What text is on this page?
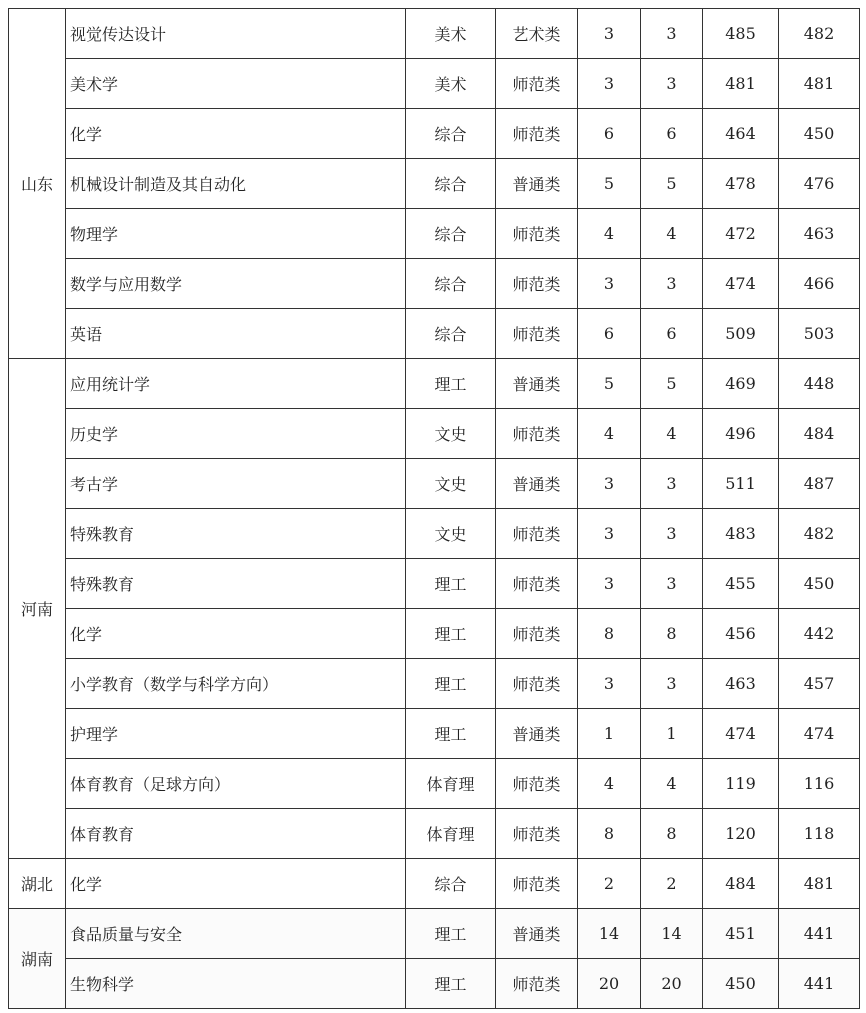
山东	视觉传达设计	美术	艺术类	3	3	485	482
	美术学	美术	师范类	3	3	481	481
	化学	综合	师范类	6	6	464	450
	机械设计制造及其自动化	综合	普通类	5	5	478	476
	物理学	综合	师范类	4	4	472	463
	数学与应用数学	综合	师范类	3	3	474	466
	英语	综合	师范类	6	6	509	503
河南	应用统计学	理工	普通类	5	5	469	448
	历史学	文史	师范类	4	4	496	484
	考古学	文史	普通类	3	3	511	487
	特殊教育	文史	师范类	3	3	483	482
	特殊教育	理工	师范类	3	3	455	450
	化学	理工	师范类	8	8	456	442
	小学教育（数学与科学方向）	理工	师范类	3	3	463	457
	护理学	理工	普通类	1	1	474	474
	体育教育（足球方向）	体育理	师范类	4	4	119	116
	体育教育	体育理	师范类	8	8	120	118
湖北	化学	综合	师范类	2	2	484	481
湖南	食品质量与安全	理工	普通类	14	14	451	441
	生物科学	理工	师范类	20	20	450	441
